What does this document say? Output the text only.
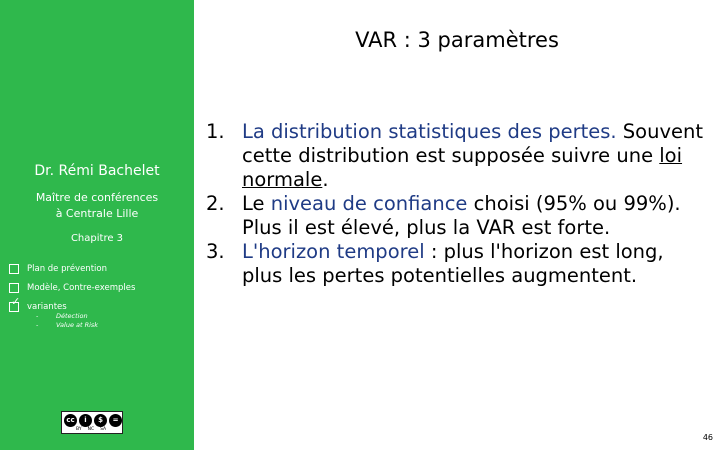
Dr. Rémi Bachelet
Maître de conférences
à Centrale Lille
Chapitre 3
Plan de prévention
Modèle, Contre-exemples
✓
variantes
-	Détection
-	Value at Risk
cc	i	$	=
BY NC SA
VAR : 3 paramètres
1. La distribution statistiques des pertes. Souvent cette distribution est supposée suivre une loi normale.
2. Le niveau de confiance choisi (95% ou 99%). Plus il est élevé, plus la VAR est forte.
3. L'horizon temporel : plus l'horizon est long, plus les pertes potentielles augmentent.
46
